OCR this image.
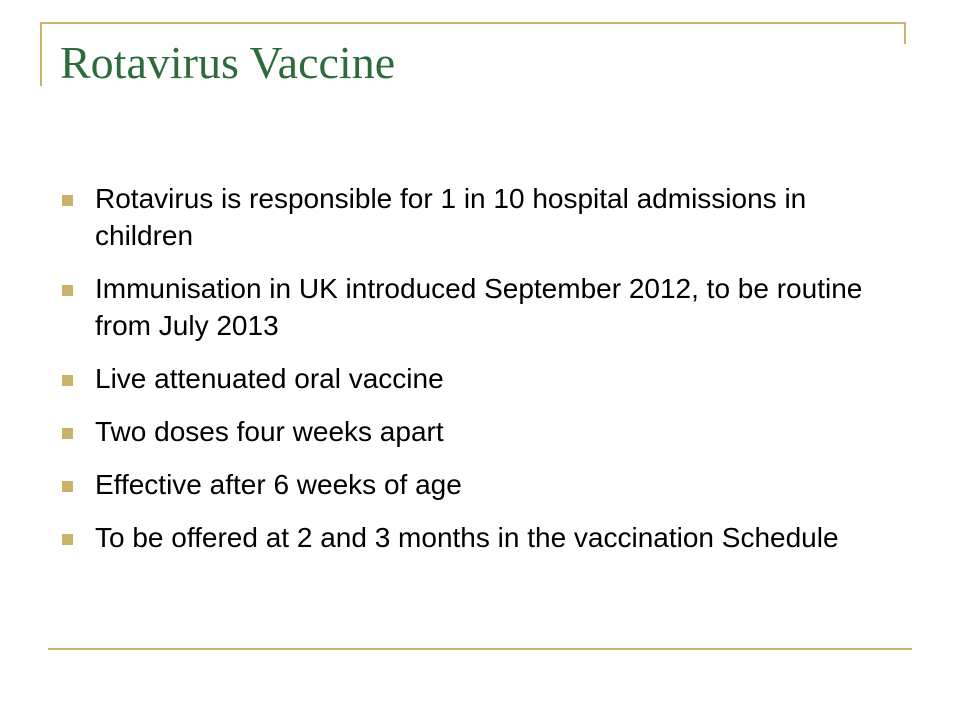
Rotavirus Vaccine
Rotavirus is responsible for 1 in 10 hospital admissions in children
Immunisation in UK introduced September 2012, to be routine from July 2013
Live attenuated oral vaccine
Two doses four weeks apart
Effective after 6 weeks of age
To be offered at 2 and 3 months in the vaccination Schedule
